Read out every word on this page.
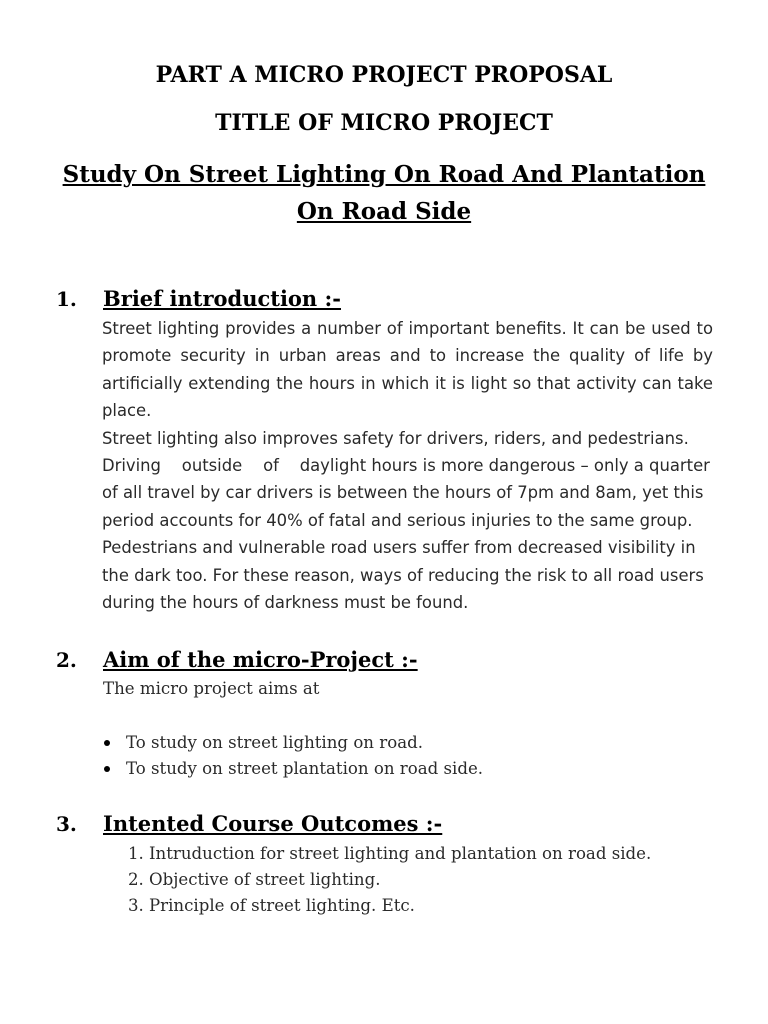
PART A MICRO PROJECT PROPOSAL
TITLE OF MICRO PROJECT
Study On Street Lighting On Road And Plantation On Road Side
1. Brief introduction :-

Street lighting provides a number of important benefits. It can be used to promote security in urban areas and to increase the quality of life by artificially extending the hours in which it is light so that activity can take place.

Street lighting also improves safety for drivers, riders, and pedestrians.

Driving    outside    of    daylight hours is more dangerous – only a quarter of all travel by car drivers is between the hours of 7pm and 8am, yet this period accounts for 40% of fatal and serious injuries to the same group. Pedestrians and vulnerable road users suffer from decreased visibility in the dark too. For these reason, ways of reducing the risk to all road users during the hours of darkness must be found.

2. Aim of the micro-Project :-
The micro project aims at
To study on street lighting on road.
To study on street plantation on road side.
3. Intented Course Outcomes :-
1. Intruduction for street lighting and plantation on road side.
2. Objective of street lighting.
3. Principle of street lighting. Etc.
